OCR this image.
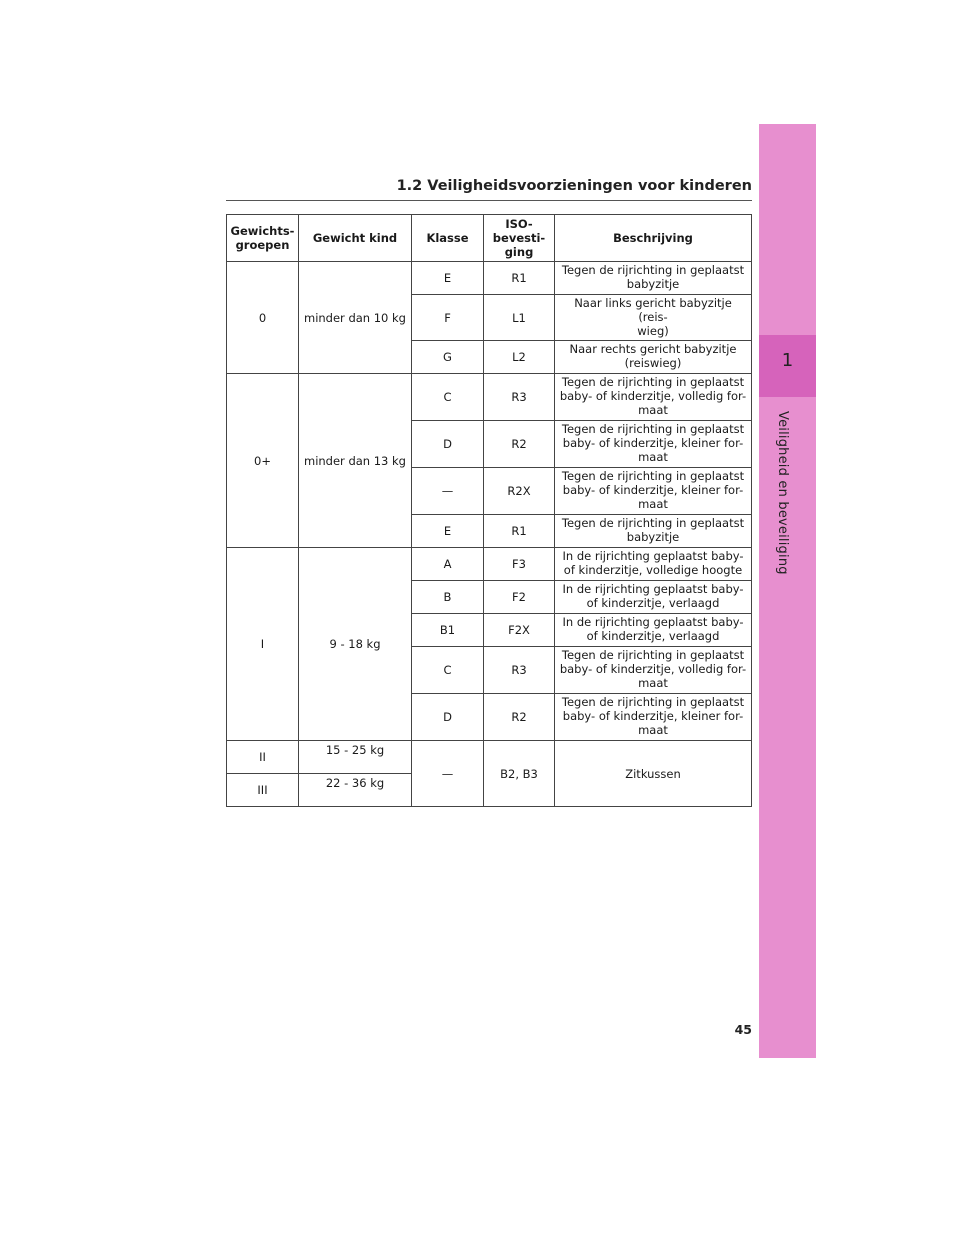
1.2 Veiligheidsvoorzieningen voor kinderen
Gewichts-
groepen	Gewicht kind	Klasse	ISO-
bevesti-
ging	Beschrijving
0	minder dan 10 kg	E	R1	Tegen de rijrichting in geplaatst
babyzitje
		F	L1	Naar links gericht babyzitje (reis-
wieg)
		G	L2	Naar rechts gericht babyzitje
(reiswieg)
0+	minder dan 13 kg	C	R3	Tegen de rijrichting in geplaatst
baby- of kinderzitje, volledig for-
maat
		D	R2	Tegen de rijrichting in geplaatst
baby- of kinderzitje, kleiner for-
maat
		—	R2X	Tegen de rijrichting in geplaatst
baby- of kinderzitje, kleiner for-
maat
		E	R1	Tegen de rijrichting in geplaatst
babyzitje
I	9 - 18 kg	A	F3	In de rijrichting geplaatst baby-
of kinderzitje, volledige hoogte
		B	F2	In de rijrichting geplaatst baby-
of kinderzitje, verlaagd
		B1	F2X	In de rijrichting geplaatst baby-
of kinderzitje, verlaagd
		C	R3	Tegen de rijrichting in geplaatst
baby- of kinderzitje, volledig for-
maat
		D	R2	Tegen de rijrichting in geplaatst
baby- of kinderzitje, kleiner for-
maat
II	15 - 25 kg	—	B2, B3	Zitkussen
III	22 - 36 kg			
1
Veiligheid en beveiliging
45
